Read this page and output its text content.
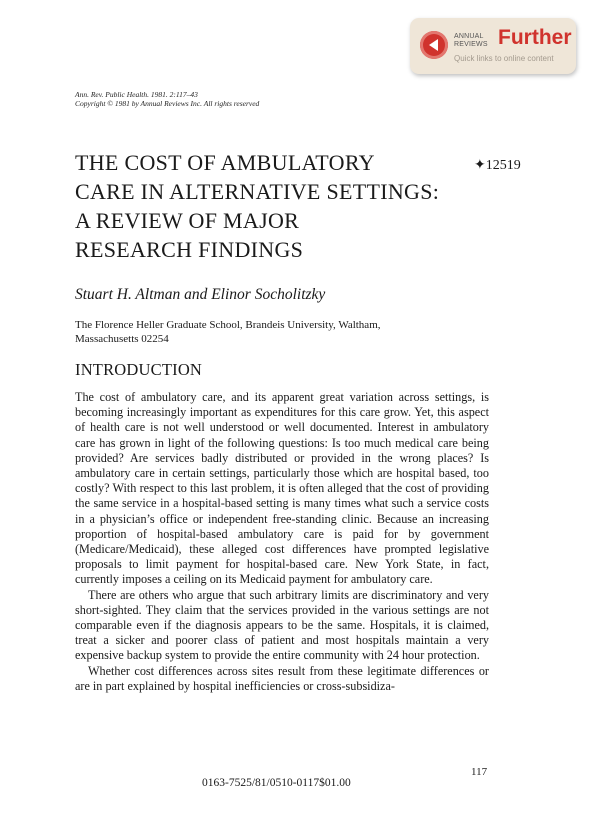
ANNUAL
REVIEWS Further
Quick links to online content
Ann. Rev. Public Health. 1981. 2:117–43
Copyright © 1981 by Annual Reviews Inc. All rights reserved
THE COST OF AMBULATORY
CARE IN ALTERNATIVE SETTINGS:
A REVIEW OF MAJOR
RESEARCH FINDINGS
✦12519
Stuart H. Altman and Elinor Socholitzky
The Florence Heller Graduate School, Brandeis University, Waltham,
Massachusetts 02254
INTRODUCTION

The cost of ambulatory care, and its apparent great variation across settings, is becoming increasingly important as expenditures for this care grow. Yet, this aspect of health care is not well understood or well documented. Interest in ambulatory care has grown in light of the following questions: Is too much medical care being provided? Are services badly distributed or provided in the wrong places? Is ambulatory care in certain settings, particularly those which are hospital based, too costly? With respect to this last problem, it is often alleged that the cost of providing the same service in a hospital-based setting is many times what such a service costs in a physician’s office or independent free-standing clinic. Because an increasing proportion of hospital-based ambulatory care is paid for by government (Medicare/Medicaid), these alleged cost differences have prompted legislative proposals to limit payment for hospital-based care. New York State, in fact, currently imposes a ceiling on its Medicaid payment for ambulatory care.

There are others who argue that such arbitrary limits are discriminatory and very short-sighted. They claim that the services provided in the various settings are not comparable even if the diagnosis appears to be the same. Hospitals, it is claimed, treat a sicker and poorer class of patient and most hospitals maintain a very expensive backup system to provide the entire community with 24 hour protection.

Whether cost differences across sites result from these legitimate differences or are in part explained by hospital inefficiencies or cross-subsidiza-

117
0163-7525/81/0510-0117$01.00
